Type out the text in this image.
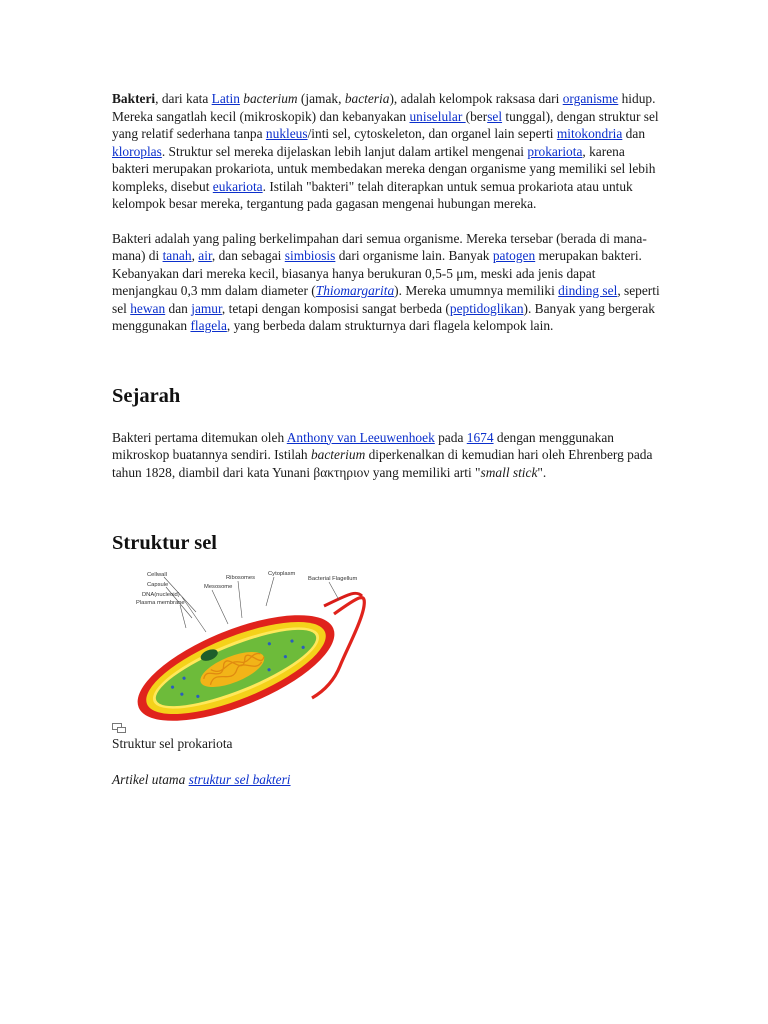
Bakteri, dari kata Latin bacterium (jamak, bacteria), adalah kelompok raksasa dari organisme hidup. Mereka sangatlah kecil (mikroskopik) dan kebanyakan uniselular (bersel tunggal), dengan struktur sel yang relatif sederhana tanpa nukleus/inti sel, cytoskeleton, dan organel lain seperti mitokondria dan kloroplas. Struktur sel mereka dijelaskan lebih lanjut dalam artikel mengenai prokariota, karena bakteri merupakan prokariota, untuk membedakan mereka dengan organisme yang memiliki sel lebih kompleks, disebut eukariota. Istilah "bakteri" telah diterapkan untuk semua prokariota atau untuk kelompok besar mereka, tergantung pada gagasan mengenai hubungan mereka.

Bakteri adalah yang paling berkelimpahan dari semua organisme. Mereka tersebar (berada di mana-mana) di tanah, air, dan sebagai simbiosis dari organisme lain. Banyak patogen merupakan bakteri. Kebanyakan dari mereka kecil, biasanya hanya berukuran 0,5-5 μm, meski ada jenis dapat menjangkau 0,3 mm dalam diameter (Thiomargarita). Mereka umumnya memiliki dinding sel, seperti sel hewan dan jamur, tetapi dengan komposisi sangat berbeda (peptidoglikan). Banyak yang bergerak menggunakan flagela, yang berbeda dalam strukturnya dari flagela kelompok lain.

Sejarah

Bakteri pertama ditemukan oleh Anthony van Leeuwenhoek pada 1674 dengan menggunakan mikroskop buatannya sendiri. Istilah bacterium diperkenalkan di kemudian hari oleh Ehrenberg pada tahun 1828, diambil dari kata Yunani βακτηριον yang memiliki arti "small stick".

Struktur sel
Cellwall
Capsule
DNA(nucleoid)
Plasma membrane
Mesosome
Ribosomes
Cytoplasm
Bacterial Flagellum

Struktur sel prokariota

Artikel utama struktur sel bakteri
